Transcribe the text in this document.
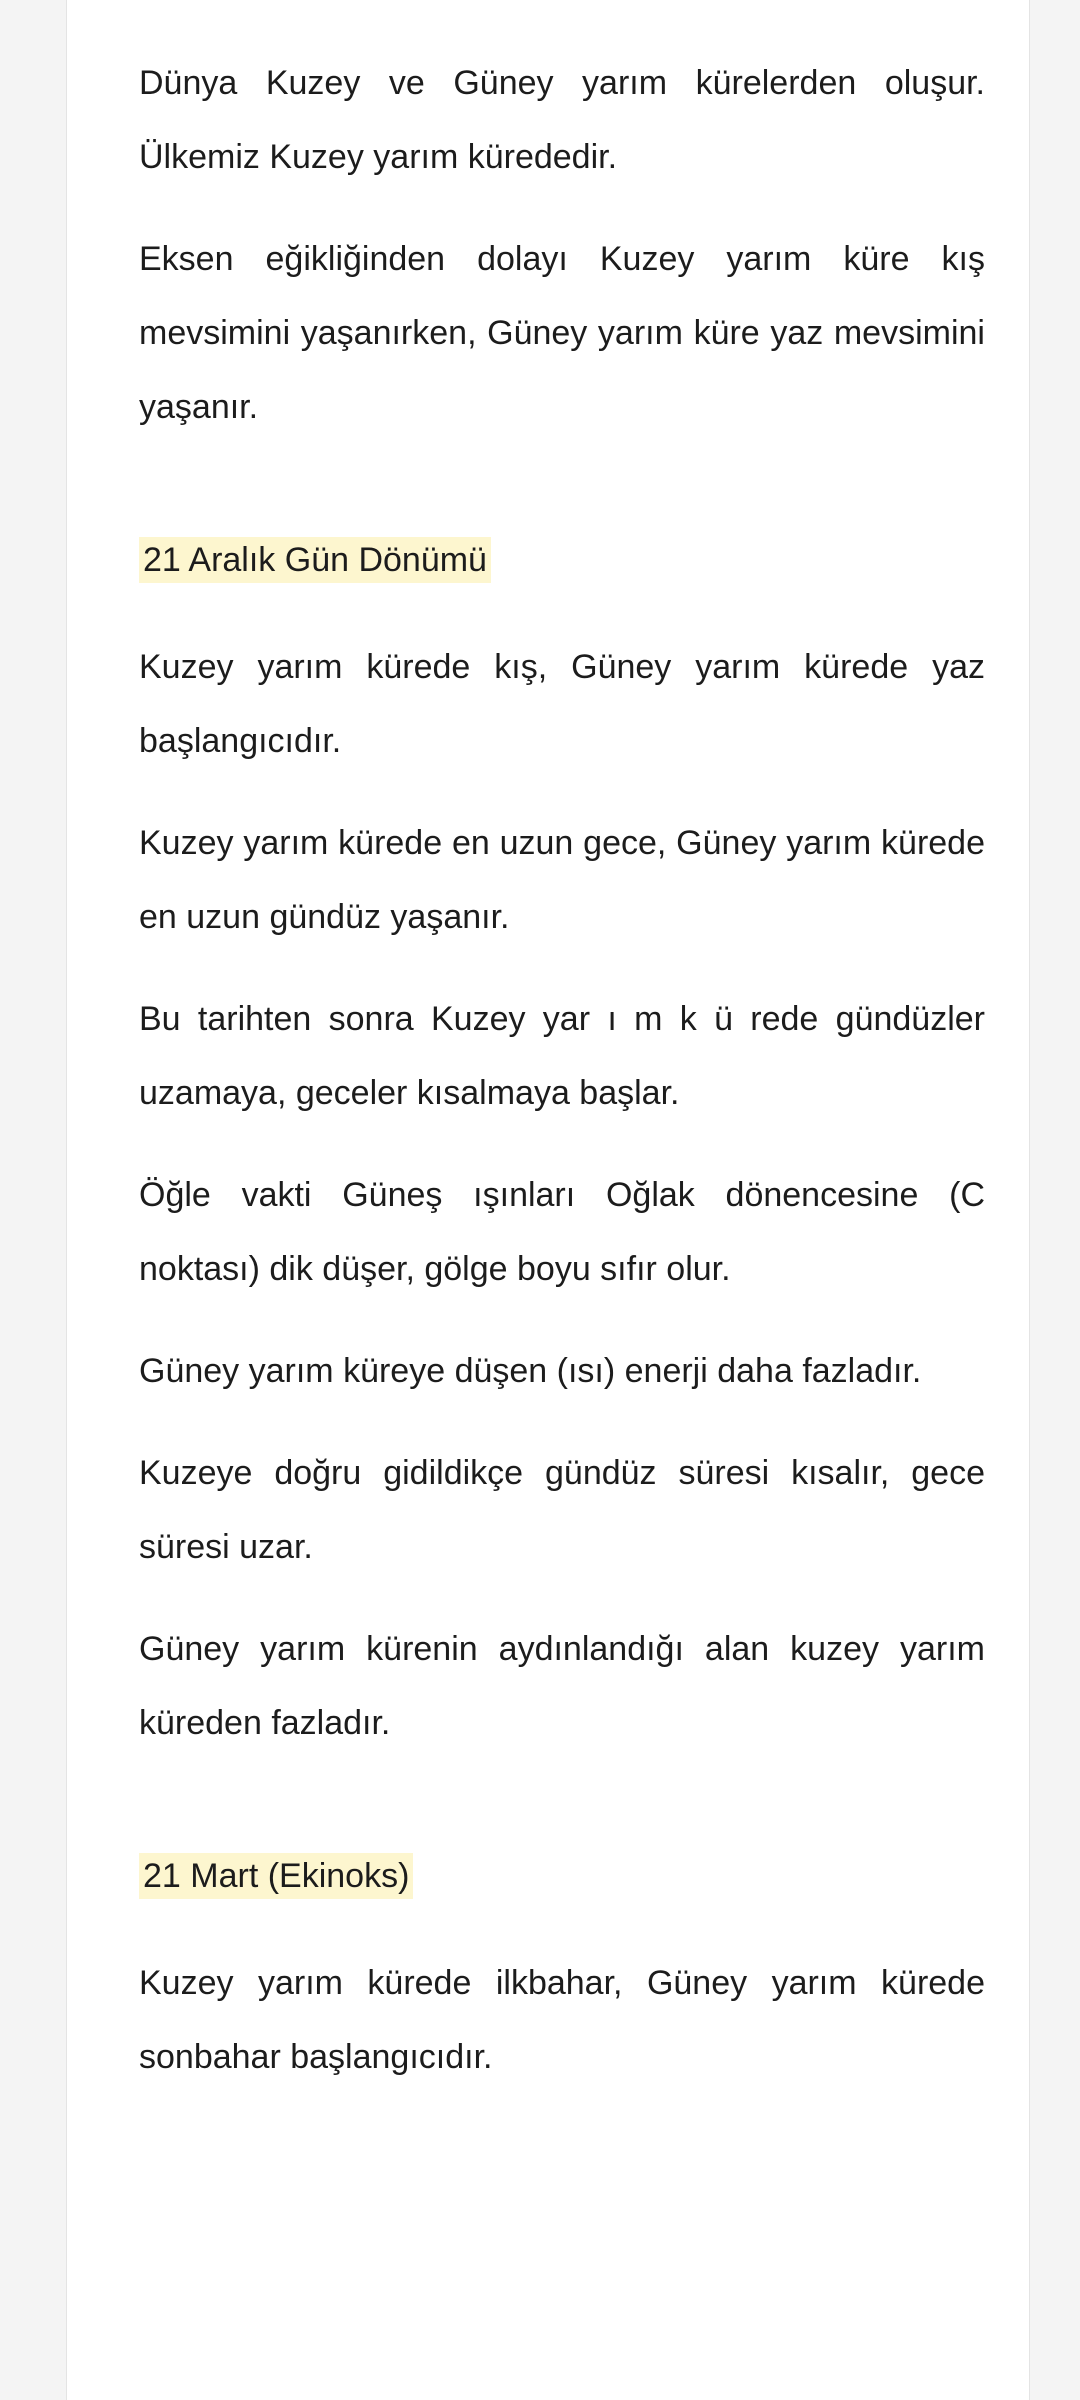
Dünya Kuzey ve Güney yarım kürelerden oluşur. Ülkemiz Kuzey yarım kürededir.

Eksen eğikliğinden dolayı Kuzey yarım küre kış mevsimini yaşanırken, Güney yarım küre yaz mevsimini yaşanır.

21 Aralık Gün Dönümü

Kuzey yarım kürede kış, Güney yarım kürede yaz başlangıcıdır.

Kuzey yarım kürede en uzun gece, Güney yarım kürede en uzun gündüz yaşanır.

Bu tarihten sonra Kuzey yar ı m k ü rede gündüzler uzamaya, geceler kısalmaya başlar.

Öğle vakti Güneş ışınları Oğlak dönencesine (C noktası) dik düşer, gölge boyu sıfır olur.

Güney yarım küreye düşen (ısı) enerji daha fazladır.

Kuzeye doğru gidildikçe gündüz süresi kısalır, gece süresi uzar.

Güney yarım kürenin aydınlandığı alan kuzey yarım küreden fazladır.

21 Mart (Ekinoks)

Kuzey yarım kürede ilkbahar, Güney yarım kürede sonbahar başlangıcıdır.
